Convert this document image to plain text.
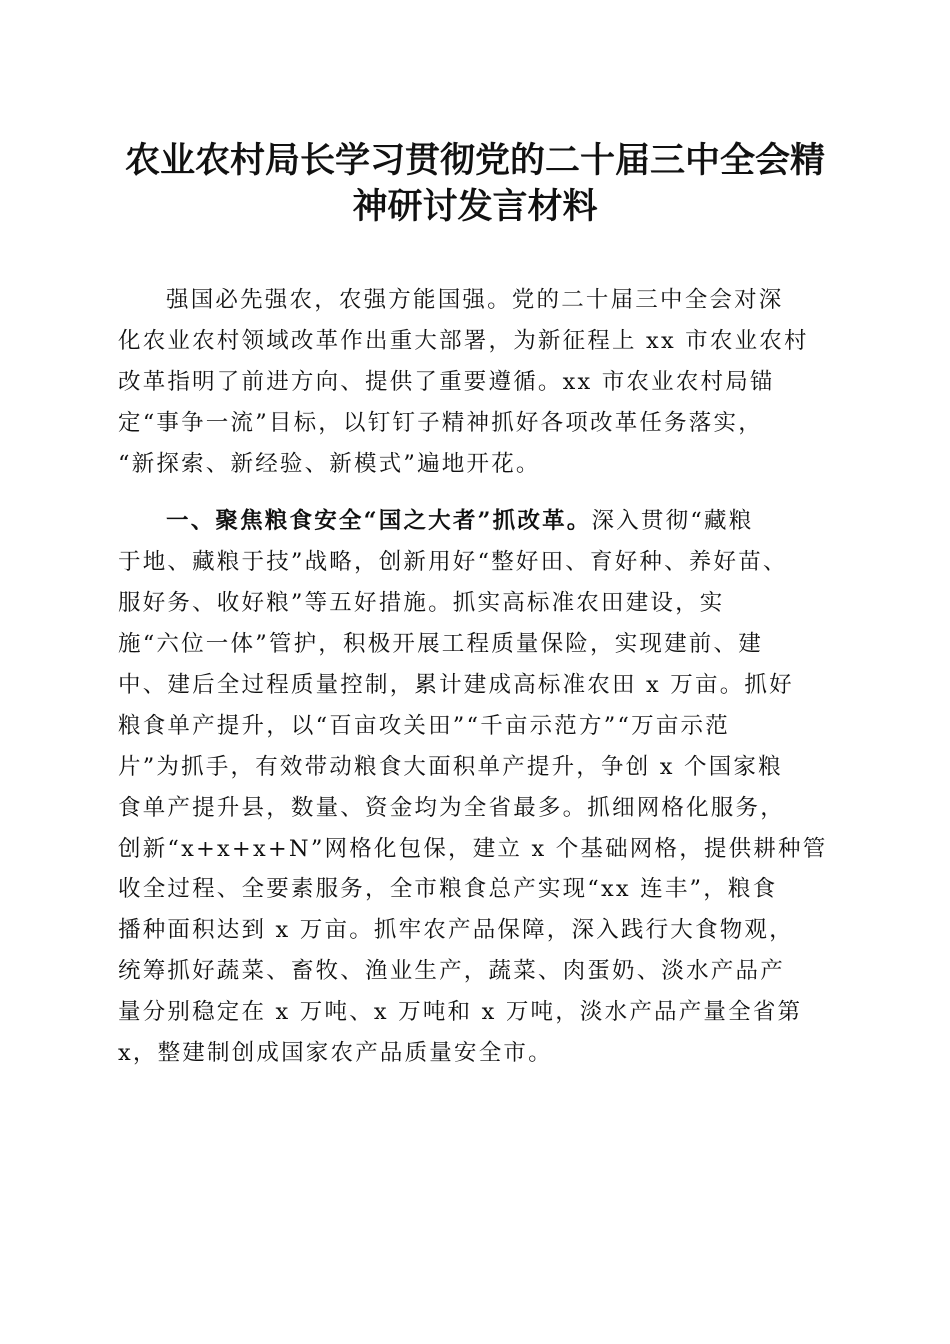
农业农村局长学习贯彻党的二十届三中全会精
神研讨发言材料
强国必先强农，农强方能国强。党的二十届三中全会对深
化农业农村领域改革作出重大部署，为新征程上 xx 市农业农村
改革指明了前进方向、提供了重要遵循。xx 市农业农村局锚
定“事争一流”目标，以钉钉子精神抓好各项改革任务落实，
“新探索、新经验、新模式”遍地开花。
一、聚焦粮食安全“国之大者”抓改革。深入贯彻“藏粮
于地、藏粮于技”战略，创新用好“整好田、育好种、养好苗、
服好务、收好粮”等五好措施。抓实高标准农田建设，实
施“六位一体”管护，积极开展工程质量保险，实现建前、建
中、建后全过程质量控制，累计建成高标准农田 x 万亩。抓好
粮食单产提升，以“百亩攻关田”“千亩示范方”“万亩示范
片”为抓手，有效带动粮食大面积单产提升，争创 x 个国家粮
食单产提升县，数量、资金均为全省最多。抓细网格化服务，
创新“x+x+x+N”网格化包保，建立 x 个基础网格，提供耕种管
收全过程、全要素服务，全市粮食总产实现“xx 连丰”，粮食
播种面积达到 x 万亩。抓牢农产品保障，深入践行大食物观，
统筹抓好蔬菜、畜牧、渔业生产，蔬菜、肉蛋奶、淡水产品产
量分别稳定在 x 万吨、x 万吨和 x 万吨，淡水产品产量全省第
x，整建制创成国家农产品质量安全市。
